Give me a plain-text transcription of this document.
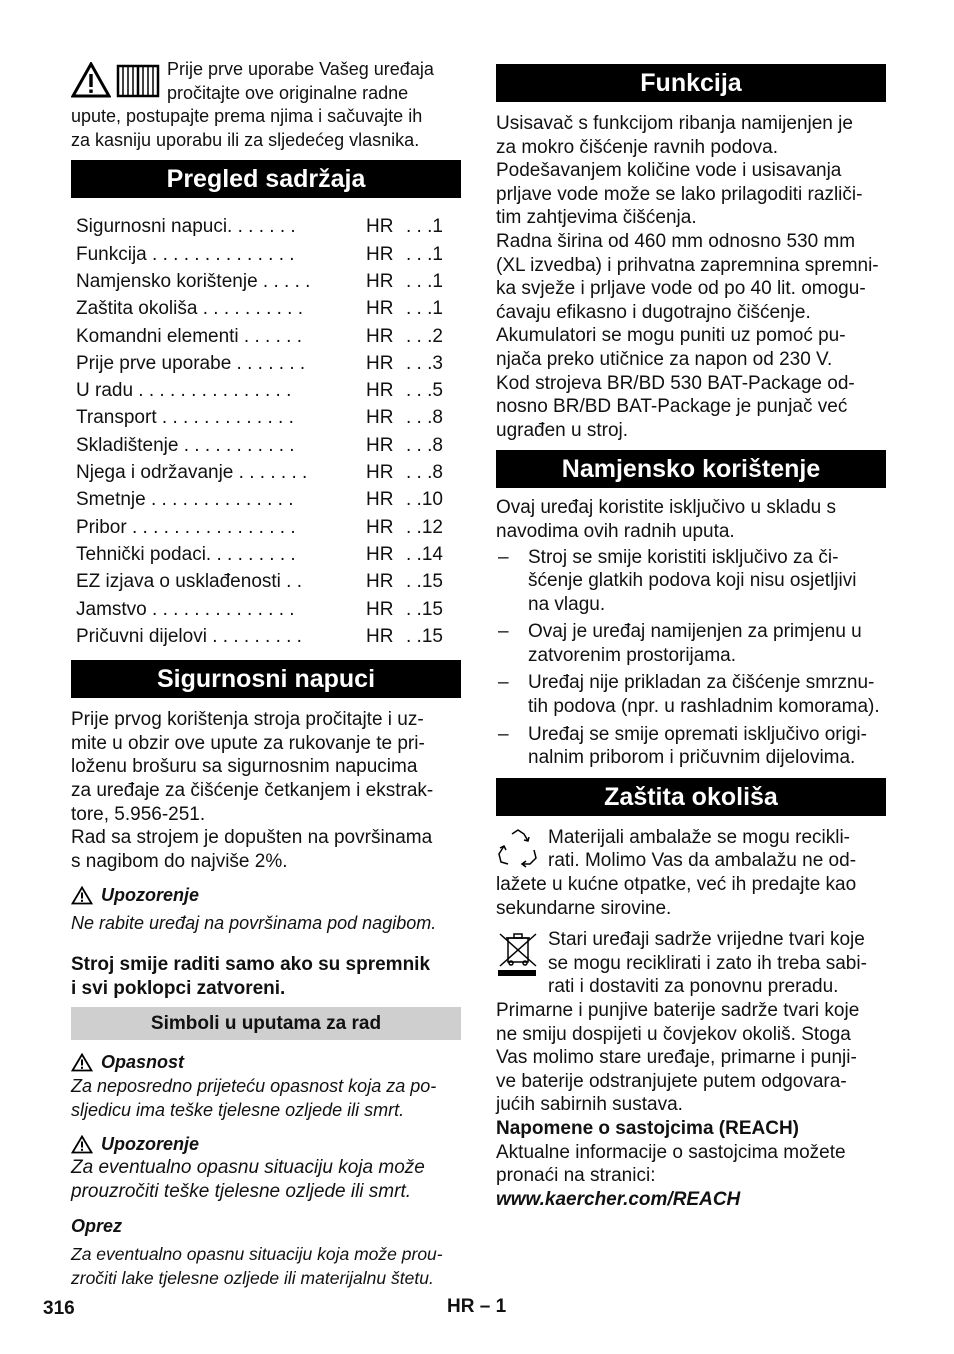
Prije prve uporabe Vašeg uređaja
pročitajte ove originalne radne
upute, postupajte prema njima i sačuvajte ih
za kasniju uporabu ili za sljedećeg vlasnika.
Pregled sadržaja
Sigurnosni napuci. . . . . . .	HR . . .1
Funkcija . . . . . . . . . . . . . .	HR . . .1
Namjensko korištenje . . . . .	HR . . .1
Zaštita okoliša . . . . . . . . . .	HR . . .1
Komandni elementi . . . . . .	HR . . .2
Prije prve uporabe . . . . . . .	HR . . .3
U radu . . . . . . . . . . . . . . .	HR . . .5
Transport . . . . . . . . . . . . .	HR . . .8
Skladištenje . . . . . . . . . . .	HR . . .8
Njega i održavanje . . . . . . .	HR . . .8
Smetnje . . . . . . . . . . . . . .	HR . .10
Pribor . . . . . . . . . . . . . . . .	HR . .12
Tehnički podaci. . . . . . . . .	HR . .14
EZ izjava o usklađenosti . .	HR . .15
Jamstvo . . . . . . . . . . . . . .	HR . .15
Pričuvni dijelovi . . . . . . . . .	HR . .15
Sigurnosni napuci

Prije prvog korištenja stroja pročitajte i uz-

mite u obzir ove upute za rukovanje te pri-

loženu brošuru sa sigurnosnim napucima

za uređaje za čišćenje četkanjem i ekstrak-

tore, 5.956-251.

Rad sa strojem je dopušten na površinama

s nagibom do najviše 2%.

Upozorenje
Ne rabite uređaj na površinama pod nagibom.

Stroj smije raditi samo ako su spremnik

i svi poklopci zatvoreni.

Simboli u uputama za rad
Opasnost
Za neposredno prijeteću opasnost koja za po-
sljedicu ima teške tjelesne ozljede ili smrt.
Upozorenje
Za eventualno opasnu situaciju koja može
prouzročiti teške tjelesne ozljede ili smrt.
Oprez
Za eventualno opasnu situaciju koja može prou-
zročiti lake tjelesne ozljede ili materijalnu štetu.
Funkcija

Usisavač s funkcijom ribanja namijenjen je

za mokro čišćenje ravnih podova.

Podešavanjem količine vode i usisavanja

prljave vode može se lako prilagoditi različi-

tim zahtjevima čišćenja.

Radna širina od 460 mm odnosno 530 mm

(XL izvedba) i prihvatna zapremnina spremni-

ka svježe i prljave vode od po 40 lit. omogu-

ćavaju efikasno i dugotrajno čišćenje.

Akumulatori se mogu puniti uz pomoć pu-

njača preko utičnice za napon od 230 V.

Kod strojeva BR/BD 530 BAT-Package od-

nosno BR/BD BAT-Package je punjač već

ugrađen u stroj.

Namjensko korištenje

Ovaj uređaj koristite isključivo u skladu s

navodima ovih radnih uputa.

– Stroj se smije koristiti isključivo za či-
šćenje glatkih podova koji nisu osjetljivi
na vlagu.
– Ovaj je uređaj namijenjen za primjenu u
zatvorenim prostorijama.
– Uređaj nije prikladan za čišćenje smrznu-
tih podova (npr. u rashladnim komorama).
– Uređaj se smije opremati isključivo origi-
nalnim priborom i pričuvnim dijelovima.
Zaštita okoliša

Materijali ambalaže se mogu recikli-

rati. Molimo Vas da ambalažu ne od-

lažete u kućne otpatke, već ih predajte kao

sekundarne sirovine.

Stari uređaji sadrže vrijedne tvari koje

se mogu reciklirati i zato ih treba sabi-

rati i dostaviti za ponovnu preradu.

Primarne i punjive baterije sadrže tvari koje

ne smiju dospijeti u čovjekov okoliš. Stoga

Vas molimo stare uređaje, primarne i punji-

ve baterije odstranjujete putem odgovara-

jućih sabirnih sustava.

Napomene o sastojcima (REACH)

Aktualne informacije o sastojcima možete

pronaći na stranici:

www.kaercher.com/REACH

316	HR – 1
